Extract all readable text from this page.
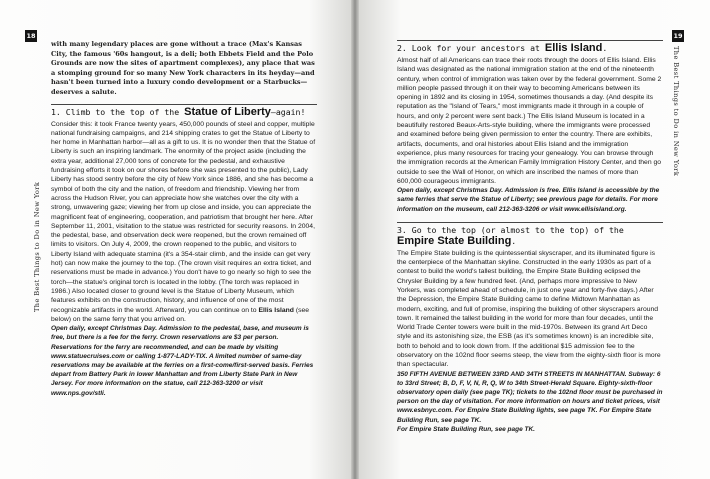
18
The Best Things to Do in New York

with many legendary places are gone without a trace (Max's Kansas City, the famous '60s hangout, is a deli; both Ebbets Field and the Polo Grounds are now the sites of apartment complexes), any place that was a stomping ground for so many New York characters in its heyday—and hasn't been turned into a luxury condo development or a Starbucks—deserves a salute.

1. Climb to the top of the Statue of Liberty–again!

Consider this: it took France twenty years, 450,000 pounds of steel and copper, multiple national fundraising campaigns, and 214 shipping crates to get the Statue of Liberty to her home in Manhattan harbor—all as a gift to us. It is no wonder then that the Statue of Liberty is such an inspiring landmark. The enormity of the project aside (including the extra year, additional 27,000 tons of concrete for the pedestal, and exhaustive fundraising efforts it took on our shores before she was presented to the public), Lady Liberty has stood sentry before the city of New York since 1886, and she has become a symbol of both the city and the nation, of freedom and friendship. Viewing her from across the Hudson River, you can appreciate how she watches over the city with a strong, unwavering gaze; viewing her from up close and inside, you can appreciate the magnificent feat of engineering, cooperation, and patriotism that brought her here. After September 11, 2001, visitation to the statue was restricted for security reasons. In 2004, the pedestal, base, and observation deck were reopened, but the crown remained off limits to visitors. On July 4, 2009, the crown reopened to the public, and visitors to Liberty Island with adequate stamina (it's a 354-stair climb, and the inside can get very hot) can now make the journey to the top. (The crown visit requires an extra ticket, and reservations must be made in advance.) You don't have to go nearly so high to see the torch—the statue's original torch is located in the lobby. (The torch was replaced in 1986.) Also located closer to ground level is the Statue of Liberty Museum, which features exhibits on the construction, history, and influence of one of the most recognizable artifacts in the world. Afterward, you can continue on to Ellis Island (see below) on the same ferry that you arrived on.

Open daily, except Christmas Day. Admission to the pedestal, base, and museum is free, but there is a fee for the ferry. Crown reservations are $3 per person. Reservations for the ferry are recommended, and can be made by visiting www.statuecruises.com or calling 1-877-LADY-TIX. A limited number of same-day reservations may be available at the ferries on a first-come/first-served basis. Ferries depart from Battery Park in lower Manhattan and from Liberty State Park in New Jersey. For more information on the statue, call 212-363-3200 or visit www.nps.gov/stli.

19
The Best Things to Do in New York
2. Look for your ancestors at Ellis Island.

Almost half of all Americans can trace their roots through the doors of Ellis Island. Ellis Island was designated as the national immigration station at the end of the nineteenth century, when control of immigration was taken over by the federal government. Some 2 million people passed through it on their way to becoming Americans between its opening in 1892 and its closing in 1954, sometimes thousands a day. (And despite its reputation as the "Island of Tears," most immigrants made it through in a couple of hours, and only 2 percent were sent back.) The Ellis Island Museum is located in a beautifully restored Beaux-Arts-style building, where the immigrants were processed and examined before being given permission to enter the country. There are exhibits, artifacts, documents, and oral histories about Ellis Island and the immigration experience, plus many resources for tracing your genealogy. You can browse through the immigration records at the American Family Immigration History Center, and then go outside to see the Wall of Honor, on which are inscribed the names of more than 600,000 courageous immigrants.

Open daily, except Christmas Day. Admission is free. Ellis Island is accessible by the same ferries that serve the Statue of Liberty; see previous page for details. For more information on the museum, call 212-363-3206 or visit www.ellisisland.org.

3. Go to the top (or almost to the top) of the Empire State Building.

The Empire State building is the quintessential skyscraper, and its illuminated figure is the centerpiece of the Manhattan skyline. Constructed in the early 1930s as part of a contest to build the world's tallest building, the Empire State Building eclipsed the Chrysler Building by a few hundred feet. (And, perhaps more impressive to New Yorkers, was completed ahead of schedule, in just one year and forty-five days.) After the Depression, the Empire State Building came to define Midtown Manhattan as modern, exciting, and full of promise, inspiring the building of other skyscrapers around town. It remained the tallest building in the world for more than four decades, until the World Trade Center towers were built in the mid-1970s. Between its grand Art Deco style and its astonishing size, the ESB (as it's sometimes known) is an incredible site, both to behold and to look down from. If the additional $15 admission fee to the observatory on the 102nd floor seems steep, the view from the eighty-sixth floor is more than spectacular.

350 FIFTH AVENUE BETWEEN 33RD AND 34TH STREETS IN MANHATTAN. Subway: 6 to 33rd Street; B, D, F, V, N, R, Q, W to 34th Street-Herald Square. Eighty-sixth-floor observatory open daily (see page TK); tickets to the 102nd floor must be purchased in person on the day of visitation. For more information on hours and ticket prices, visit www.esbnyc.com. For Empire State Building lights, see page TK. For Empire State Building Run, see page TK.

For Empire State Building Run, see page TK.
